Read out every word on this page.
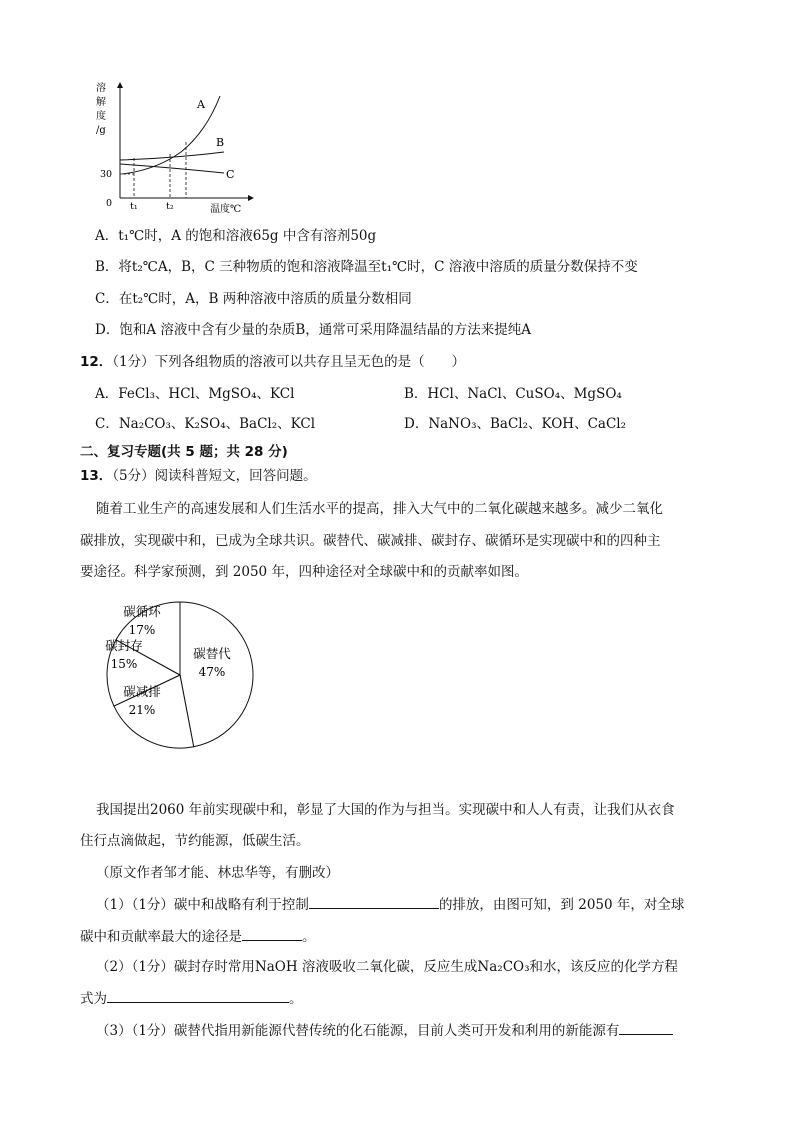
溶
解
度
/g
30
0
A
B
C
t₁	t₂	温度℃
A．t₁℃时，A 的饱和溶液65g 中含有溶剂50g
B．将t₂℃A，B，C 三种物质的饱和溶液降温至t₁℃时，C 溶液中溶质的质量分数保持不变
C．在t₂℃时，A，B 两种溶液中溶质的质量分数相同
D．饱和A 溶液中含有少量的杂质B，通常可采用降温结晶的方法来提纯A
12．（1分）下列各组物质的溶液可以共存且呈无色的是（　　）
A．FeCl₃、HCl、MgSO₄、KCl	B．HCl、NaCl、CuSO₄、MgSO₄
C．Na₂CO₃、K₂SO₄、BaCl₂、KCl	D．NaNO₃、BaCl₂、KOH、CaCl₂
二、复习专题(共 5 题；共 28 分)
13．（5分）阅读科普短文，回答问题。
随着工业生产的高速发展和人们生活水平的提高，排入大气中的二氧化碳越来越多。减少二氧化
碳排放，实现碳中和，已成为全球共识。碳替代、碳减排、碳封存、碳循环是实现碳中和的四种主
要途径。科学家预测，到 2050 年，四种途径对全球碳中和的贡献率如图。
碳替代
47%
碳减排
21%
碳封存
15%
碳循环
17%
我国提出2060 年前实现碳中和，彰显了大国的作为与担当。实现碳中和人人有责，让我们从衣食
住行点滴做起，节约能源，低碳生活。
（原文作者邹才能、林忠华等，有删改）
（1）（1分）碳中和战略有利于控制	的排放，由图可知，到 2050 年，对全球
碳中和贡献率最大的途径是	。
（2）（1分）碳封存时常用NaOH 溶液吸收二氧化碳，反应生成Na₂CO₃和水，该反应的化学方程
式为	。
（3）（1分）碳替代指用新能源代替传统的化石能源，目前人类可开发和利用的新能源有
